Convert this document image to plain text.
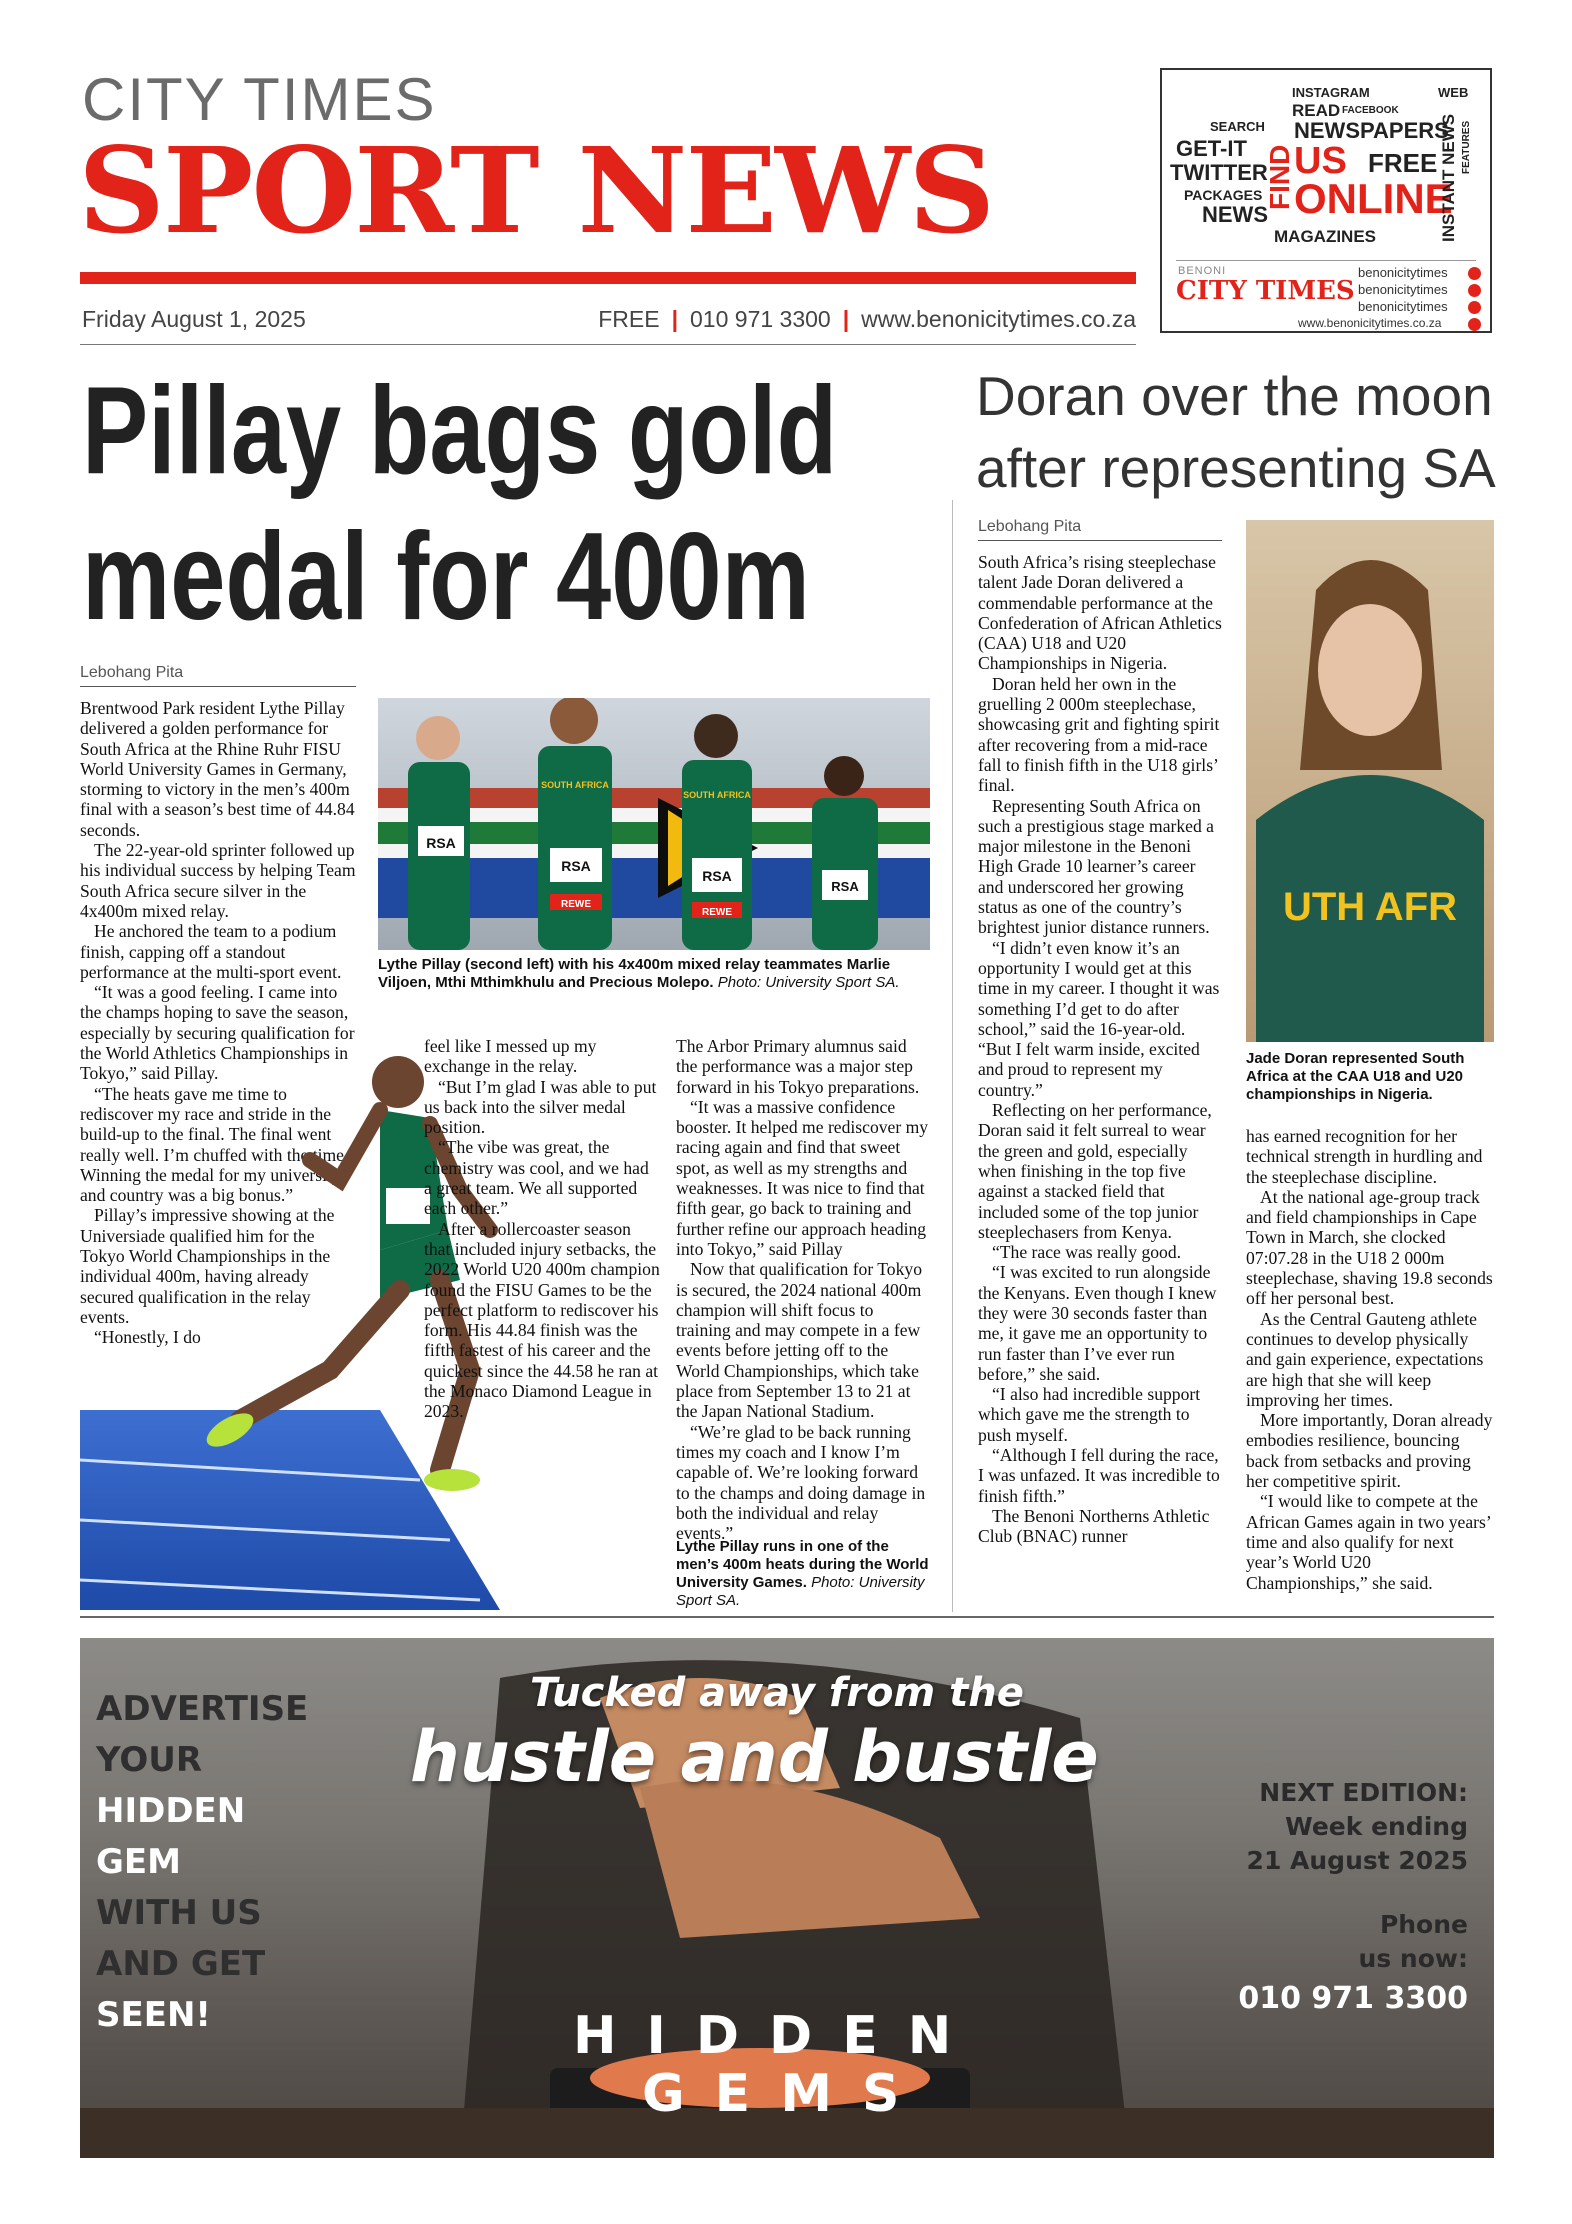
CITY TIMES
SPORT NEWS
Friday August 1, 2025	FREE | 010 971 3300 | www.benonicitytimes.co.za
INSTAGRAM
READ FACEBOOK
SEARCH NEWSPAPERS
WEB
GET-IT
TWITTER
FIND US FREE
PACKAGES ONLINE
NEWS
MAGAZINES	INSTANT NEWS FEATURES
BENONI
CITY TIMES
benonicitytimes
benonicitytimes
benonicitytimes
www.benonicitytimes.co.za
Pillay bags gold
medal for 400m
Lebohang Pita

Brentwood Park resident Lythe Pillay delivered a golden performance for South Africa at the Rhine Ruhr FISU World University Games in Germany, storming to victory in the men’s 400m final with a season’s best time of 44.84 seconds.

The 22-year-old sprinter followed up his individual success by helping Team South Africa secure silver in the 4x400m mixed relay.

He anchored the team to a podium finish, capping off a standout performance at the multi-sport event.

“It was a good feeling. I came into the champs hoping to save the season, especially by securing qualification for the World Athletics Championships in Tokyo,” said Pillay.

“The heats gave me time to rediscover my race and stride in the build-up to the final. The final went really well. I’m chuffed with the time. Winning the medal for my university and country was a big bonus.”

Pillay’s impressive showing at the Universiade qualified him for the Tokyo World Championships in the individual 400m, having already secured qualification in the relay events.

“Honestly, I do

RSA
SOUTH AFRICA
RSA
REWE
SOUTH AFRICA
RSA
REWE
RSA
Lythe Pillay (second left) with his 4x400m mixed relay teammates Marlie Viljoen, Mthi Mthimkhulu and Precious Molepo. Photo: University Sport SA.

feel like I messed up my exchange in the relay.

“But I’m glad I was able to put us back into the silver medal position.

“The vibe was great, the chemistry was cool, and we had a great team. We all supported each other.”

After a rollercoaster season that included injury setbacks, the 2022 World U20 400m champion found the FISU Games to be the perfect platform to rediscover his form. His 44.84 finish was the fifth fastest of his career and the quickest since the 44.58 he ran at the Monaco Diamond League in 2023.

The Arbor Primary alumnus said the performance was a major step forward in his Tokyo preparations.

“It was a massive confidence booster. It helped me rediscover my racing again and find that sweet spot, as well as my strengths and weaknesses. It was nice to find that fifth gear, go back to training and further refine our approach heading into Tokyo,” said Pillay

Now that qualification for Tokyo is secured, the 2024 national 400m champion will shift focus to training and may compete in a few events before jetting off to the World Championships, which take place from September 13 to 21 at the Japan National Stadium.

“We’re glad to be back running times my coach and I know I’m capable of. We’re looking forward to the champs and doing damage in both the individual and relay events.”

Lythe Pillay runs in one of the men’s 400m heats during the World University Games. Photo: University Sport SA.
Doran over the moon
after representing SA
Lebohang Pita

South Africa’s rising steeplechase talent Jade Doran delivered a commendable performance at the Confederation of African Athletics (CAA) U18 and U20 Championships in Nigeria.

Doran held her own in the gruelling 2 000m steeplechase, showcasing grit and fighting spirit after recovering from a mid-race fall to finish fifth in the U18 girls’ final.

Representing South Africa on such a prestigious stage marked a major milestone in the Benoni High Grade 10 learner’s career and underscored her growing status as one of the country’s brightest junior distance runners.

“I didn’t even know it’s an opportunity I would get at this time in my career. I thought it was something I’d get to do after school,” said the 16-year-old. “But I felt warm inside, excited and proud to represent my country.”

Reflecting on her performance, Doran said it felt surreal to wear the green and gold, especially when finishing in the top five against a stacked field that included some of the top junior steeplechasers from Kenya.

“The race was really good.

“I was excited to run alongside the Kenyans. Even though I knew they were 30 seconds faster than me, it gave me an opportunity to run faster than I’ve ever run before,” she said.

“I also had incredible support which gave me the strength to push myself.

“Although I fell during the race, I was unfazed. It was incredible to finish fifth.”

The Benoni Northerns Athletic Club (BNAC) runner

UTH AFR
Jade Doran represented South Africa at the CAA U18 and U20 championships in Nigeria.

has earned recognition for her technical strength in hurdling and the steeplechase discipline.

At the national age-group track and field championships in Cape Town in March, she clocked 07:07.28 in the U18 2 000m steeplechase, shaving 19.8 seconds off her personal best.

As the Central Gauteng athlete continues to develop physically and gain experience, expectations are high that she will keep improving her times.

More importantly, Doran already embodies resilience, bouncing back from setbacks and proving her competitive spirit.

“I would like to compete at the African Games again in two years’ time and also qualify for next year’s World U20 Championships,” she said.

ADVERTISE
YOUR
HIDDEN
GEM
WITH US
AND GET
SEEN!
Tucked away from the
hustle and bustle
HIDDEN
GEMS
NEXT EDITION:
Week ending
21 August 2025
Phone
us now:
010 971 3300
